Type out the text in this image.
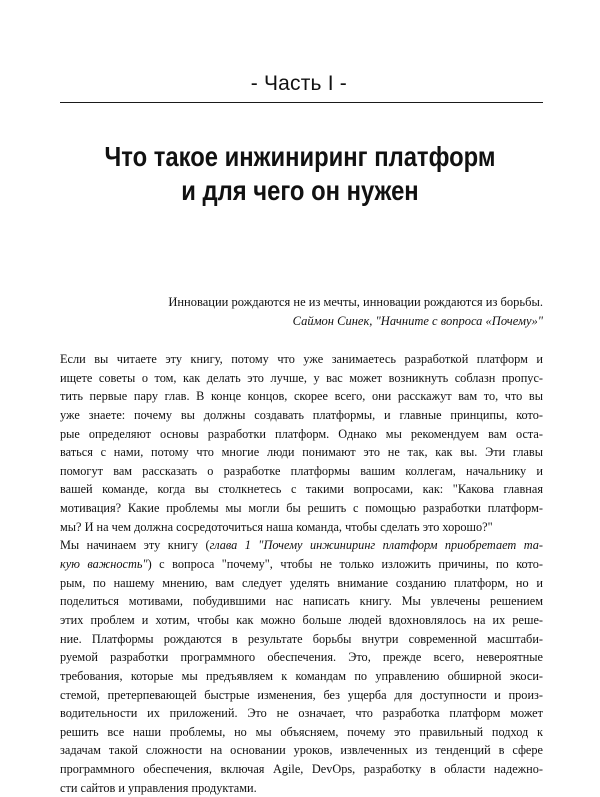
- Часть I -
Что такое инжиниринг платформ
и для чего он нужен
Инновации рождаются не из мечты, инновации рождаются из борьбы.
Саймон Синек, "Начните с вопроса «Почему»"
Если вы читаете эту книгу, потому что уже занимаетесь разработкой платформ и
ищете советы о том, как делать это лучше, у вас может возникнуть соблазн пропус-
тить первые пару глав. В конце концов, скорее всего, они расскажут вам то, что вы
уже знаете: почему вы должны создавать платформы, и главные принципы, кото-
рые определяют основы разработки платформ. Однако мы рекомендуем вам оста-
ваться с нами, потому что многие люди понимают это не так, как вы. Эти главы
помогут вам рассказать о разработке платформы вашим коллегам, начальнику и
вашей команде, когда вы столкнетесь с такими вопросами, как: "Какова главная
мотивация? Какие проблемы мы могли бы решить с помощью разработки платформ-
мы? И на чем должна сосредоточиться наша команда, чтобы сделать это хорошо?"
Мы начинаем эту книгу (глава 1 "Почему инжиниринг платформ приобретает та-
кую важность") с вопроса "почему", чтобы не только изложить причины, по кото-
рым, по нашему мнению, вам следует уделять внимание созданию платформ, но и
поделиться мотивами, побудившими нас написать книгу. Мы увлечены решением
этих проблем и хотим, чтобы как можно больше людей вдохновлялось на их реше-
ние. Платформы рождаются в результате борьбы внутри современной масштаби-
руемой разработки программного обеспечения. Это, прежде всего, невероятные
требования, которые мы предъявляем к командам по управлению обширной экоси-
стемой, претерпевающей быстрые изменения, без ущерба для доступности и произ-
водительности их приложений. Это не означает, что разработка платформ может
решить все наши проблемы, но мы объясняем, почему это правильный подход к
задачам такой сложности на основании уроков, извлеченных из тенденций в сфере
программного обеспечения, включая Agile, DevOps, разработку в области надежно-
сти сайтов и управления продуктами.
